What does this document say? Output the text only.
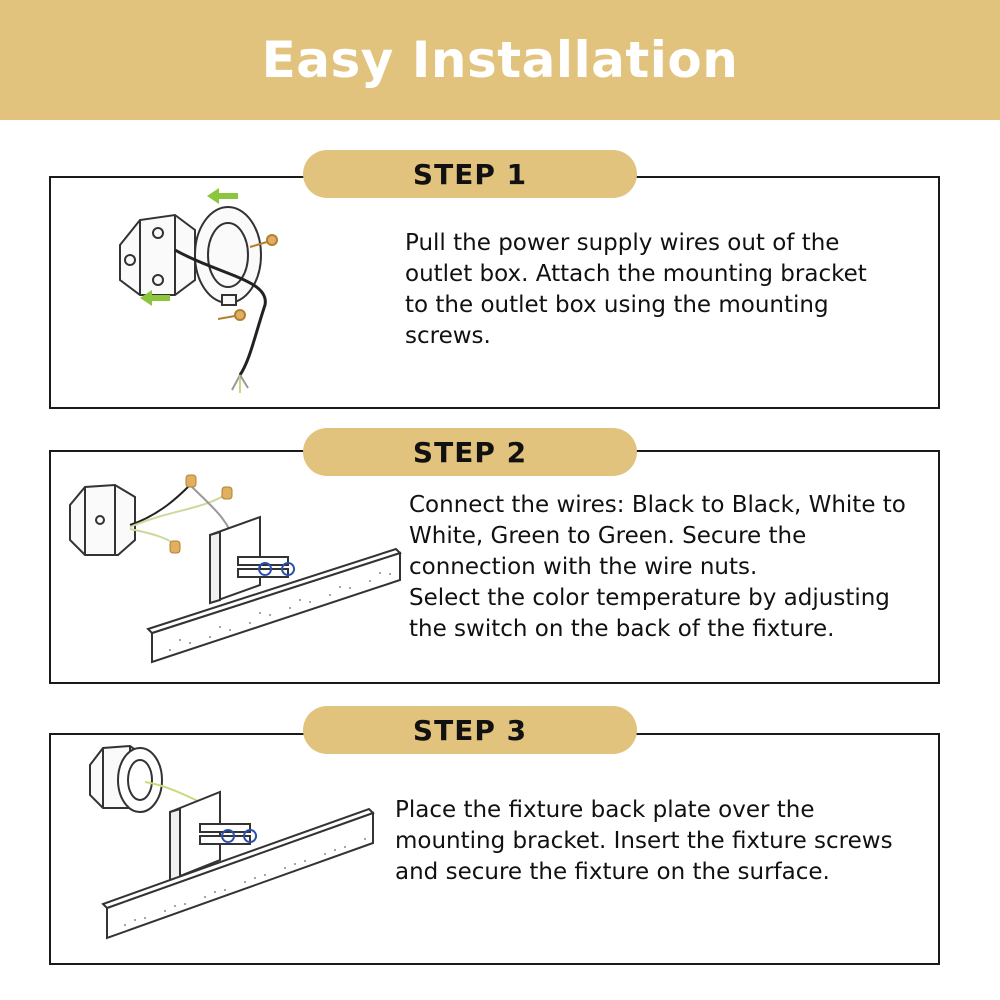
Easy Installation
STEP 1
Pull the power supply wires out of the
outlet box. Attach the mounting bracket
to the outlet box using the mounting
screws.
STEP 2
Connect the wires: Black to Black, White to
White, Green to Green. Secure the
connection with the wire nuts.
Select the color temperature by adjusting
the switch on the back of the fixture.
STEP 3
Place the fixture back plate over the
mounting bracket. Insert the fixture screws
and secure the fixture on the surface.
